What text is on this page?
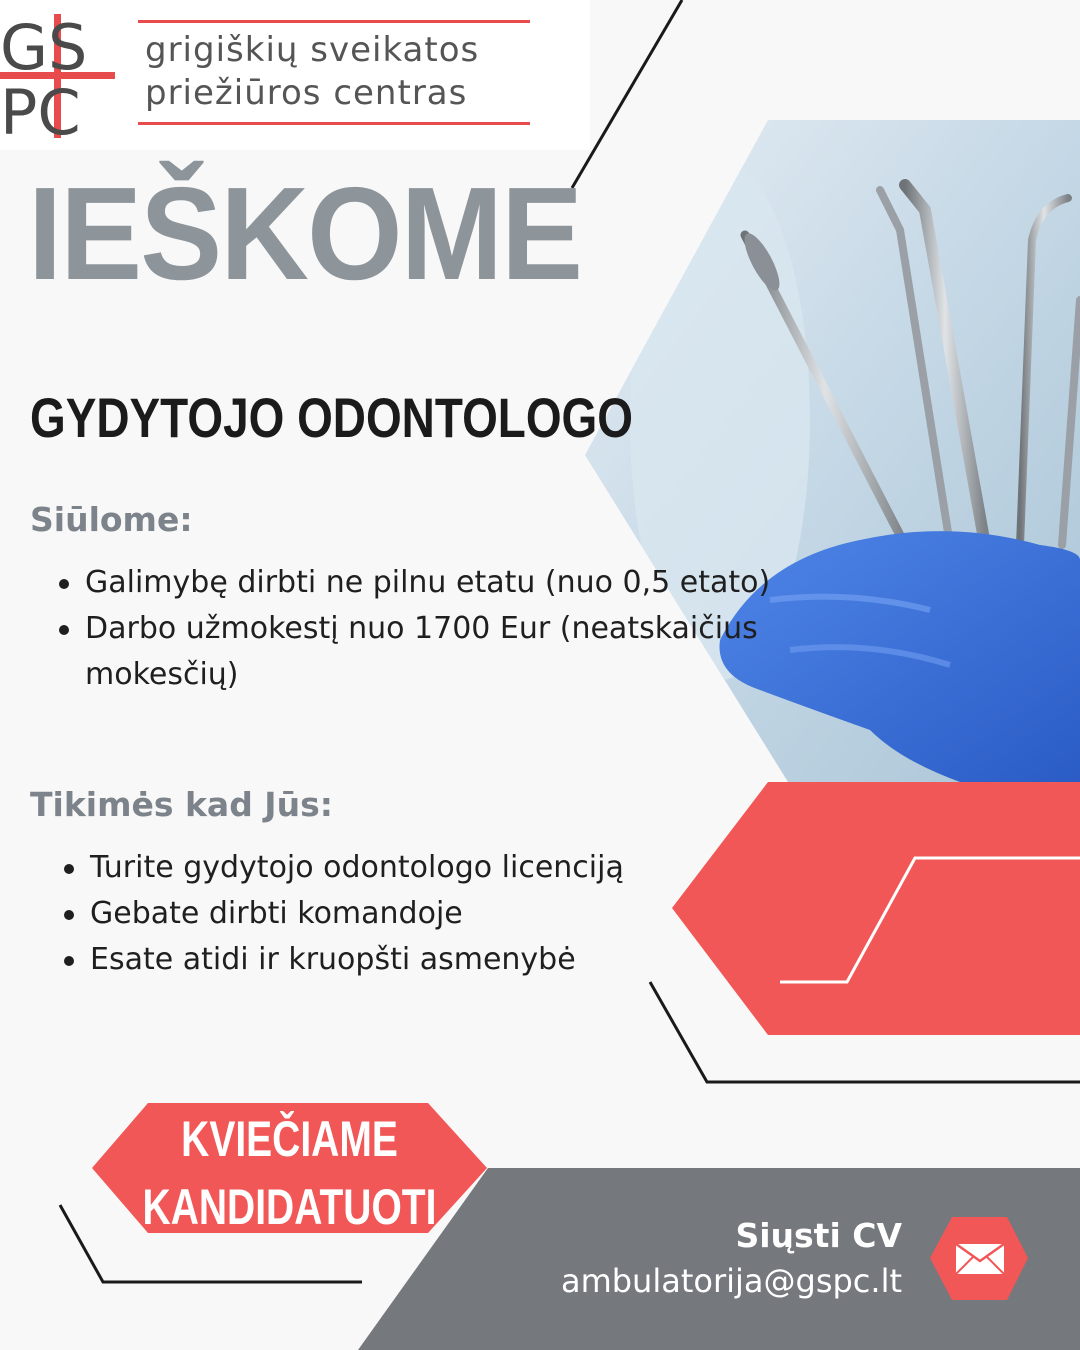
GS
PC
grigiškių sveikatos
priežiūros centras
IEŠKOME
GYDYTOJO ODONTOLOGO
Siūlome:
Galimybę dirbti ne pilnu etatu (nuo 0,5 etato)
Darbo užmokestį nuo 1700 Eur (neatskaičius mokesčių)
Tikimės kad Jūs:
Turite gydytojo odontologo licenciją
Gebate dirbti komandoje
Esate atidi ir kruopšti asmenybė
KVIEČIAME
KANDIDATUOTI
Siųsti CV
ambulatorija@gspc.lt
